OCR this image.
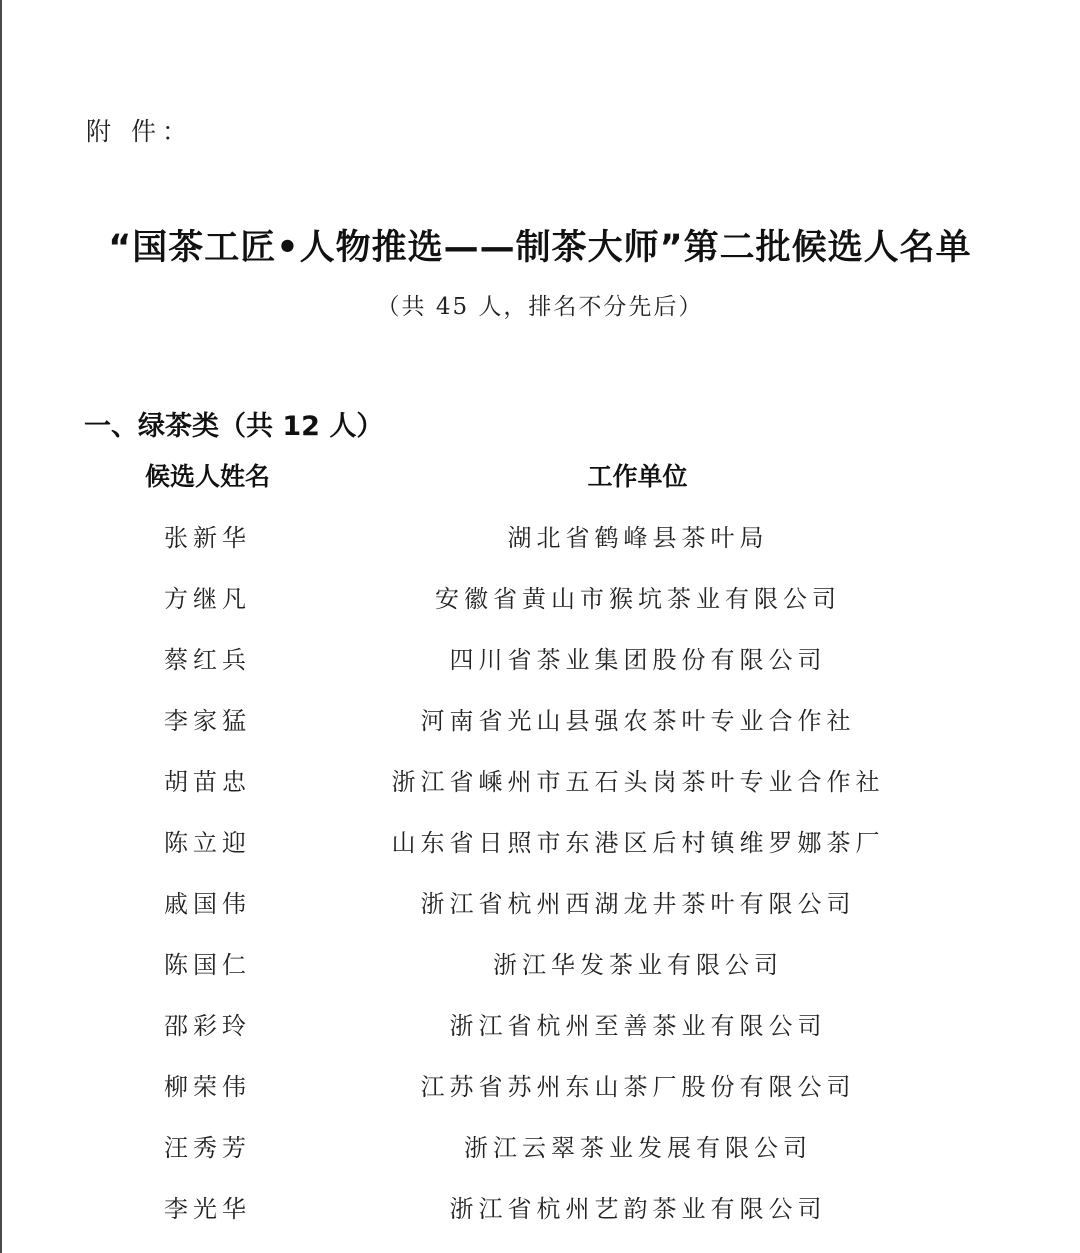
附 件：
“国茶工匠•人物推选——制茶大师”第二批候选人名单
（共 45 人，排名不分先后）
一、绿茶类（共 12 人）
候选人姓名	工作单位
张新华	湖北省鹤峰县茶叶局
方继凡	安徽省黄山市猴坑茶业有限公司
蔡红兵	四川省茶业集团股份有限公司
李家猛	河南省光山县强农茶叶专业合作社
胡苗忠	浙江省嵊州市五石头岗茶叶专业合作社
陈立迎	山东省日照市东港区后村镇维罗娜茶厂
戚国伟	浙江省杭州西湖龙井茶叶有限公司
陈国仁	浙江华发茶业有限公司
邵彩玲	浙江省杭州至善茶业有限公司
柳荣伟	江苏省苏州东山茶厂股份有限公司
汪秀芳	浙江云翠茶业发展有限公司
李光华	浙江省杭州艺韵茶业有限公司
